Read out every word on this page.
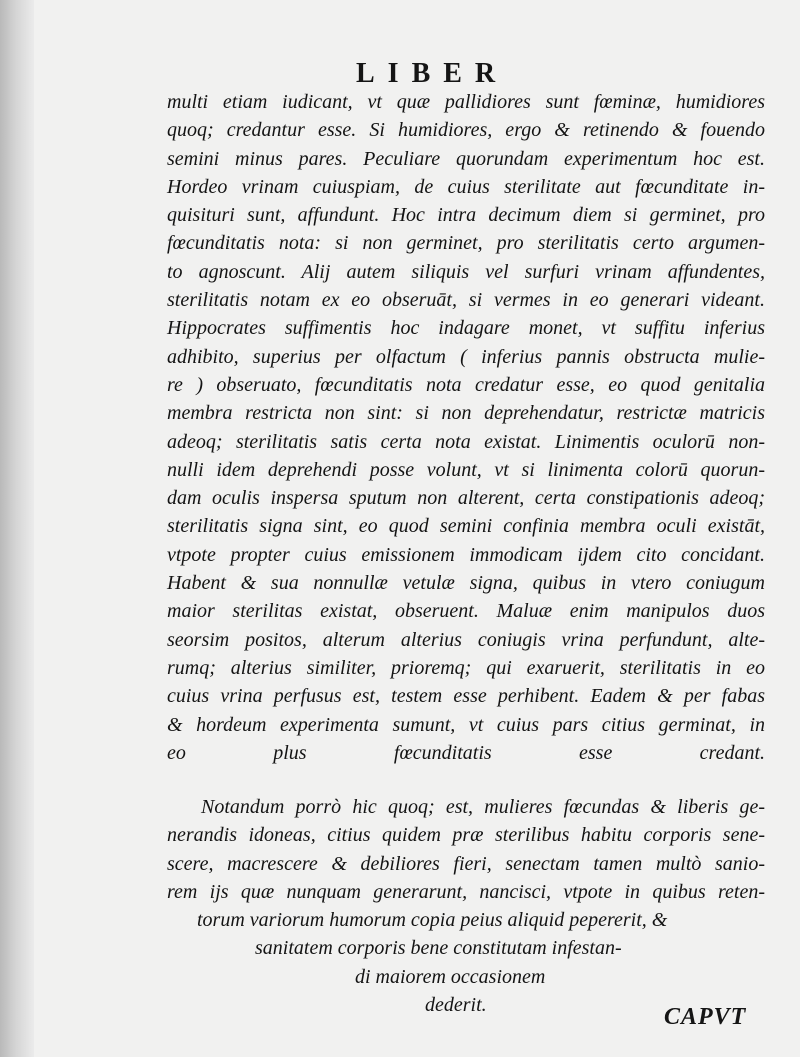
LIBER
multi etiam iudicant, vt quæ pallidiores sunt fœminæ, humidiores
quoq; credantur esse. Si humidiores, ergo & retinendo & fouendo
semini minus pares. Peculiare quorundam experimentum hoc est.
Hordeo vrinam cuiuspiam, de cuius sterilitate aut fœcunditate in-
quisituri sunt, affundunt. Hoc intra decimum diem si germinet, pro
fœcunditatis nota: si non germinet, pro sterilitatis certo argumen-
to agnoscunt. Alij autem siliquis vel surfuri vrinam affundentes,
sterilitatis notam ex eo obseruāt, si vermes in eo generari videant.
Hippocrates suffimentis hoc indagare monet, vt suffitu inferius
adhibito, superius per olfactum ( inferius pannis obstructa mulie-
re ) obseruato, fœcunditatis nota credatur esse, eo quod genitalia
membra restricta non sint: si non deprehendatur, restrictæ matricis
adeoq; sterilitatis satis certa nota existat. Linimentis oculorū non-
nulli idem deprehendi posse volunt, vt si linimenta colorū quorun-
dam oculis inspersa sputum non alterent, certa constipationis adeoq;
sterilitatis signa sint, eo quod semini confinia membra oculi existāt,
vtpote propter cuius emissionem immodicam ijdem cito concidant.
Habent & sua nonnullæ vetulæ signa, quibus in vtero coniugum
maior sterilitas existat, obseruent. Maluæ enim manipulos duos
seorsim positos, alterum alterius coniugis vrina perfundunt, alte-
rumq; alterius similiter, prioremq; qui exaruerit, sterilitatis in eo
cuius vrina perfusus est, testem esse perhibent. Eadem & per fabas
& hordeum experimenta sumunt, vt cuius pars citius germinat, in
eo plus fœcunditatis esse credant.
Notandum porrò hic quoq; est, mulieres fœcundas & liberis ge-
nerandis idoneas, citius quidem præ sterilibus habitu corporis sene-
scere, macrescere & debiliores fieri, senectam tamen multò sanio-
rem ijs quæ nunquam generarunt, nancisci, vtpote in quibus reten-
torum variorum humorum copia peius aliquid pepererit, &
sanitatem corporis bene constitutam infestan-
di maiorem occasionem
dederit.	CAPVT
